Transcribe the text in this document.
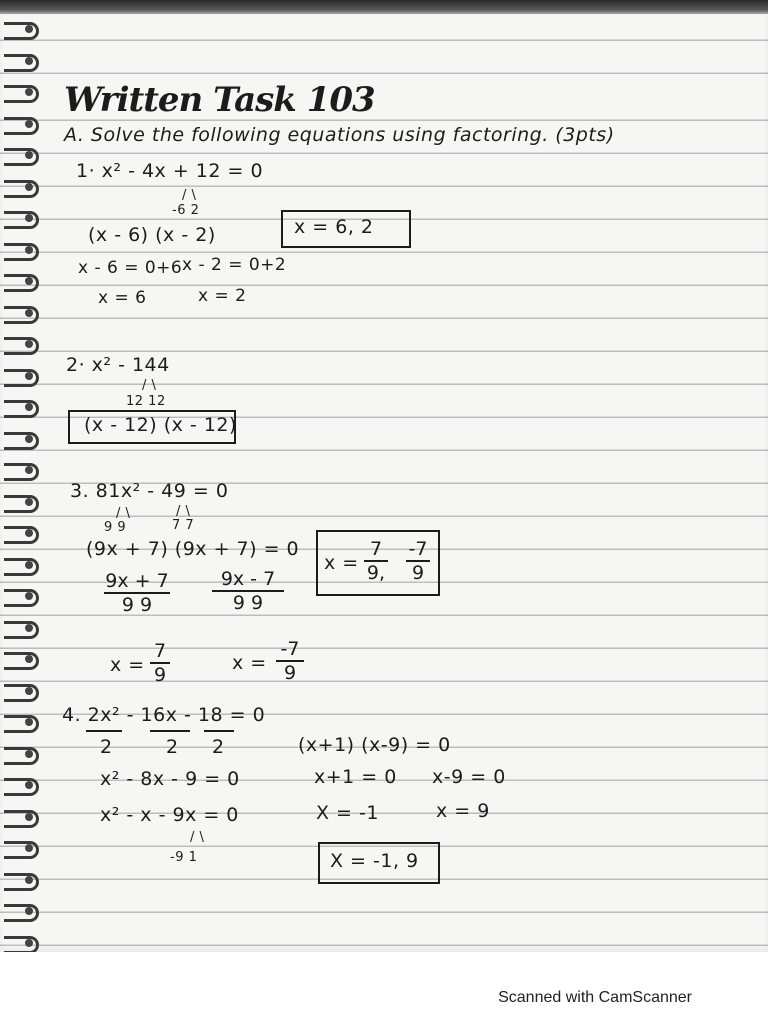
Written Task 103
A. Solve the following equations using factoring. (3pts)
1· x² - 4x + 12 = 0
/ \
-6 2
(x - 6) (x - 2)	x = 6, 2
x - 6 = 0+6 x - 2 = 0+2
x = 6	x = 2
2· x² - 144
/ \
12 12
(x - 12) (x - 12)
3. 81x² - 49 = 0
/ \	/ \
9 9	7 7
(9x + 7) (9x + 7) = 0
9x + 7
9 9
9x - 7
9 9
x =
7
9
x =
-7
9
x =
7
9,
-7
9
4. 2x² - 16x - 18 = 0
2	2 2
x² - 8x - 9 = 0
x² - x - 9x = 0
/ \
-9 1
(x+1) (x-9) = 0
x+1 = 0 x-9 = 0
X = -1	x = 9
X = -1, 9
Scanned with CamScanner
